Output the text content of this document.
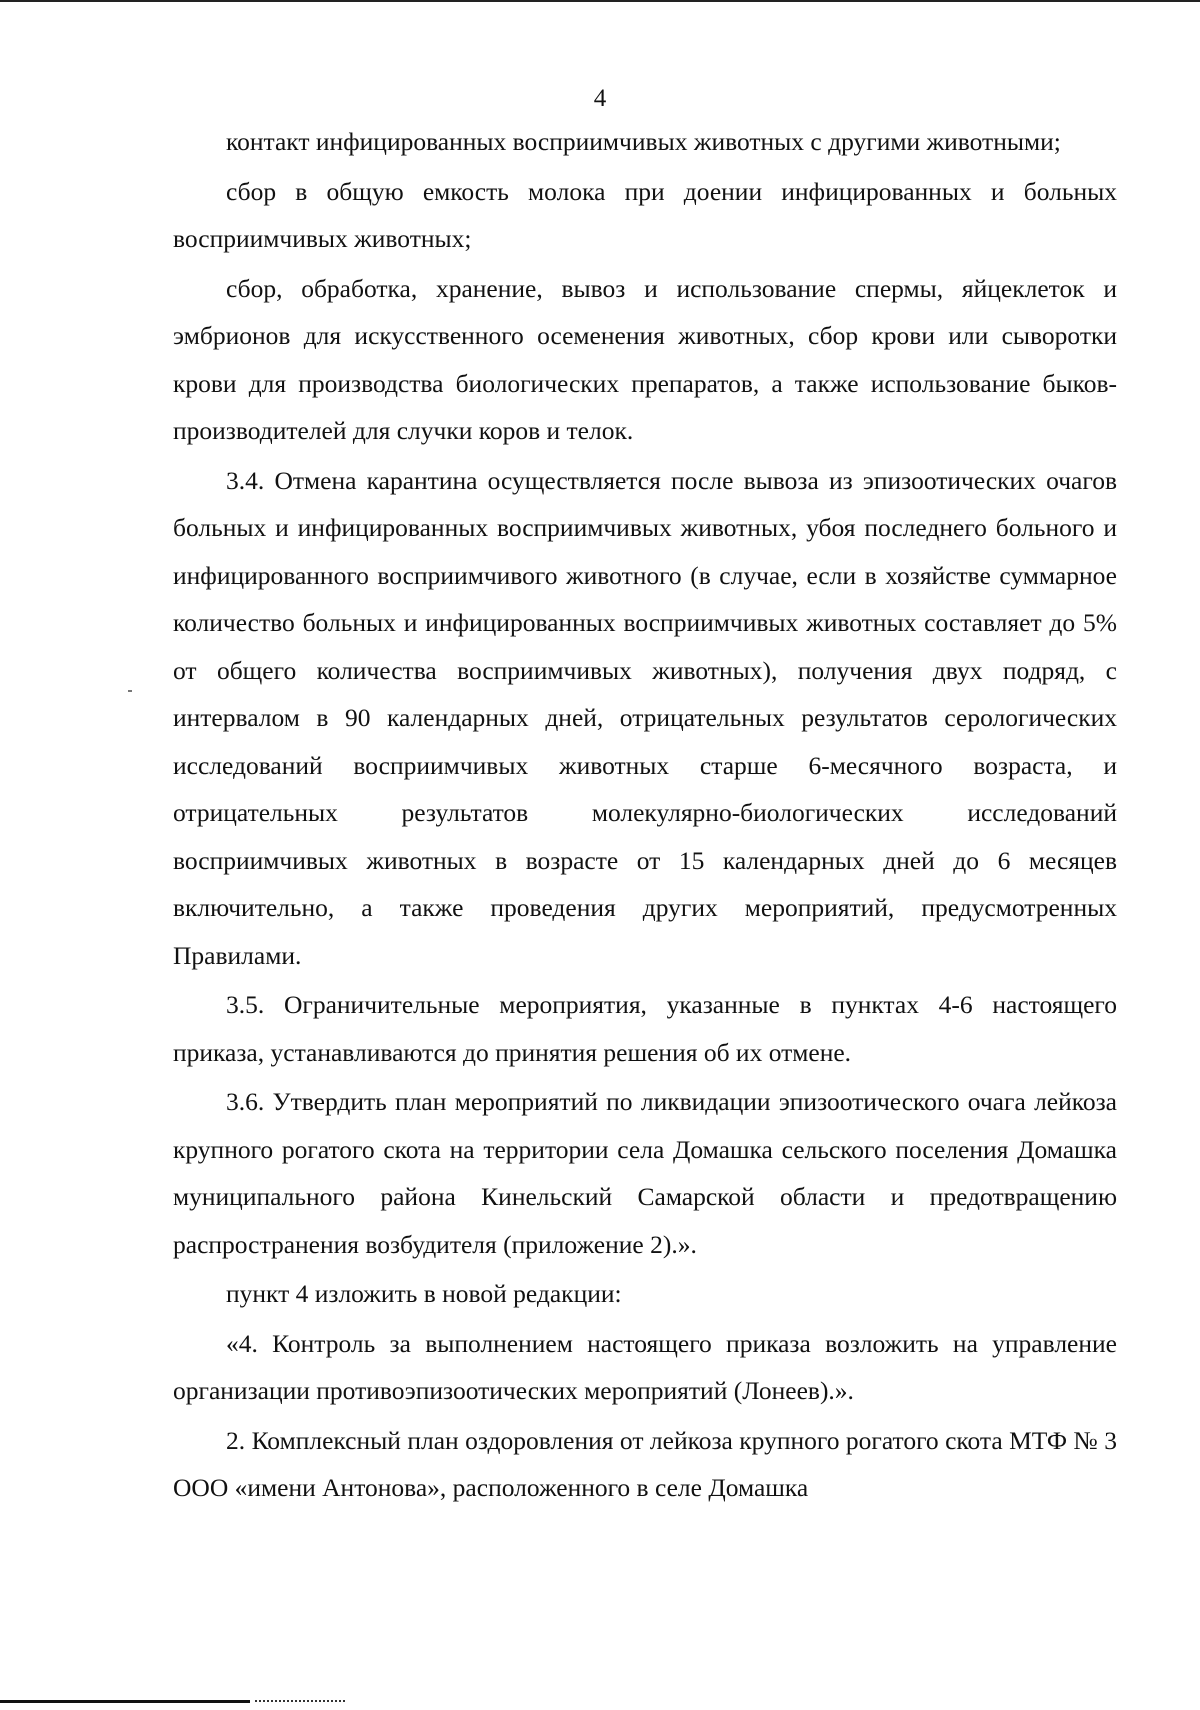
4

контакт инфицированных восприимчивых животных с другими животными;

сбор в общую емкость молока при доении инфицированных и больных восприимчивых животных;

сбор, обработка, хранение, вывоз и использование спермы, яйцеклеток и эмбрионов для искусственного осеменения животных, сбор крови или сыворотки крови для производства биологических препаратов, а также использование быков-производителей для случки коров и телок.

3.4. Отмена карантина осуществляется после вывоза из эпизоотических очагов больных и инфицированных восприимчивых животных, убоя последнего больного и инфицированного восприимчивого животного (в случае, если в хозяйстве суммарное количество больных и инфицированных восприимчивых животных составляет до 5% от общего количества восприимчивых животных), получения двух подряд, с интервалом в 90 календарных дней, отрицательных результатов серологических исследований восприимчивых животных старше 6-месячного возраста, и отрицательных результатов молекулярно-биологических исследований восприимчивых животных в возрасте от 15 календарных дней до 6 месяцев включительно, а также проведения других мероприятий, предусмотренных Правилами.

3.5. Ограничительные мероприятия, указанные в пунктах 4-6 настоящего приказа, устанавливаются до принятия решения об их отмене.

3.6. Утвердить план мероприятий по ликвидации эпизоотического очага лейкоза крупного рогатого скота на территории села Домашка сельского поселения Домашка муниципального района Кинельский Самарской области и предотвращению распространения возбудителя (приложение 2).».

пункт 4 изложить в новой редакции:

«4. Контроль за выполнением настоящего приказа возложить на управление организации противоэпизоотических мероприятий (Лонеев).».

2. Комплексный план оздоровления от лейкоза крупного рогатого скота МТФ № 3 ООО «имени Антонова», расположенного в селе Домашка
